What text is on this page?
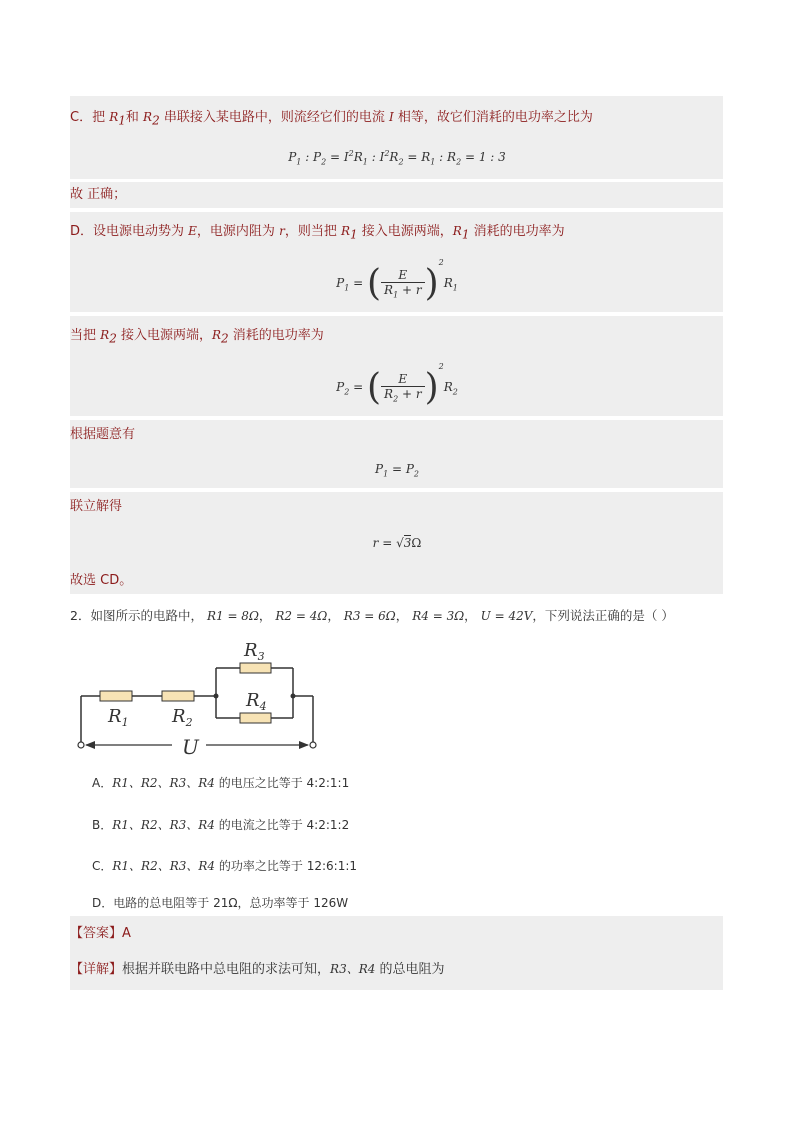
C．把 $R_1$和 $R_2$ 串联接入某电路中，则流经它们的电流 I 相等，故它们消耗的电功率之比为
$P_1$ : $P_2 = I^2R_1$ : $I^2R_2 = R_1$ : $R_2 = 1$ : 3
故 正确；
D．设电源电动势为 E，电源内阻为 r，则当把 $R_1$ 接入电源两端，$R_1$ 消耗的电功率为
$P_1$ = ( $\frac{E}{R_1 + r} )^2R_1$
当把 $R_2$ 接入电源两端，$R_2$ 消耗的电功率为
$P_2$ = ( $\frac{E}{R_2 + r} )^2R_2$
根据题意有
$P_1 = P_2$
联立解得
r = √3Ω
故选 CD。
2．如图所示的电路中， R1 = 8Ω， R2 = 4Ω， R3 = 6Ω， R4 = 3Ω， U = 42V，下列说法正确的是（ ）
$R_3$
$R_1$ $R_2$
$R_4$
U
A．R1、R2、R3、R4 的电压之比等于 4:2:1:1
B．R1、R2、R3、R4 的电流之比等于 4:2:1:2
C．R1、R2、R3、R4 的功率之比等于 12:6:1:1
D．电路的总电阻等于 21Ω，总功率等于 126W
【答案】A
【详解】根据并联电路中总电阻的求法可知，R3、R4 的总电阻为
